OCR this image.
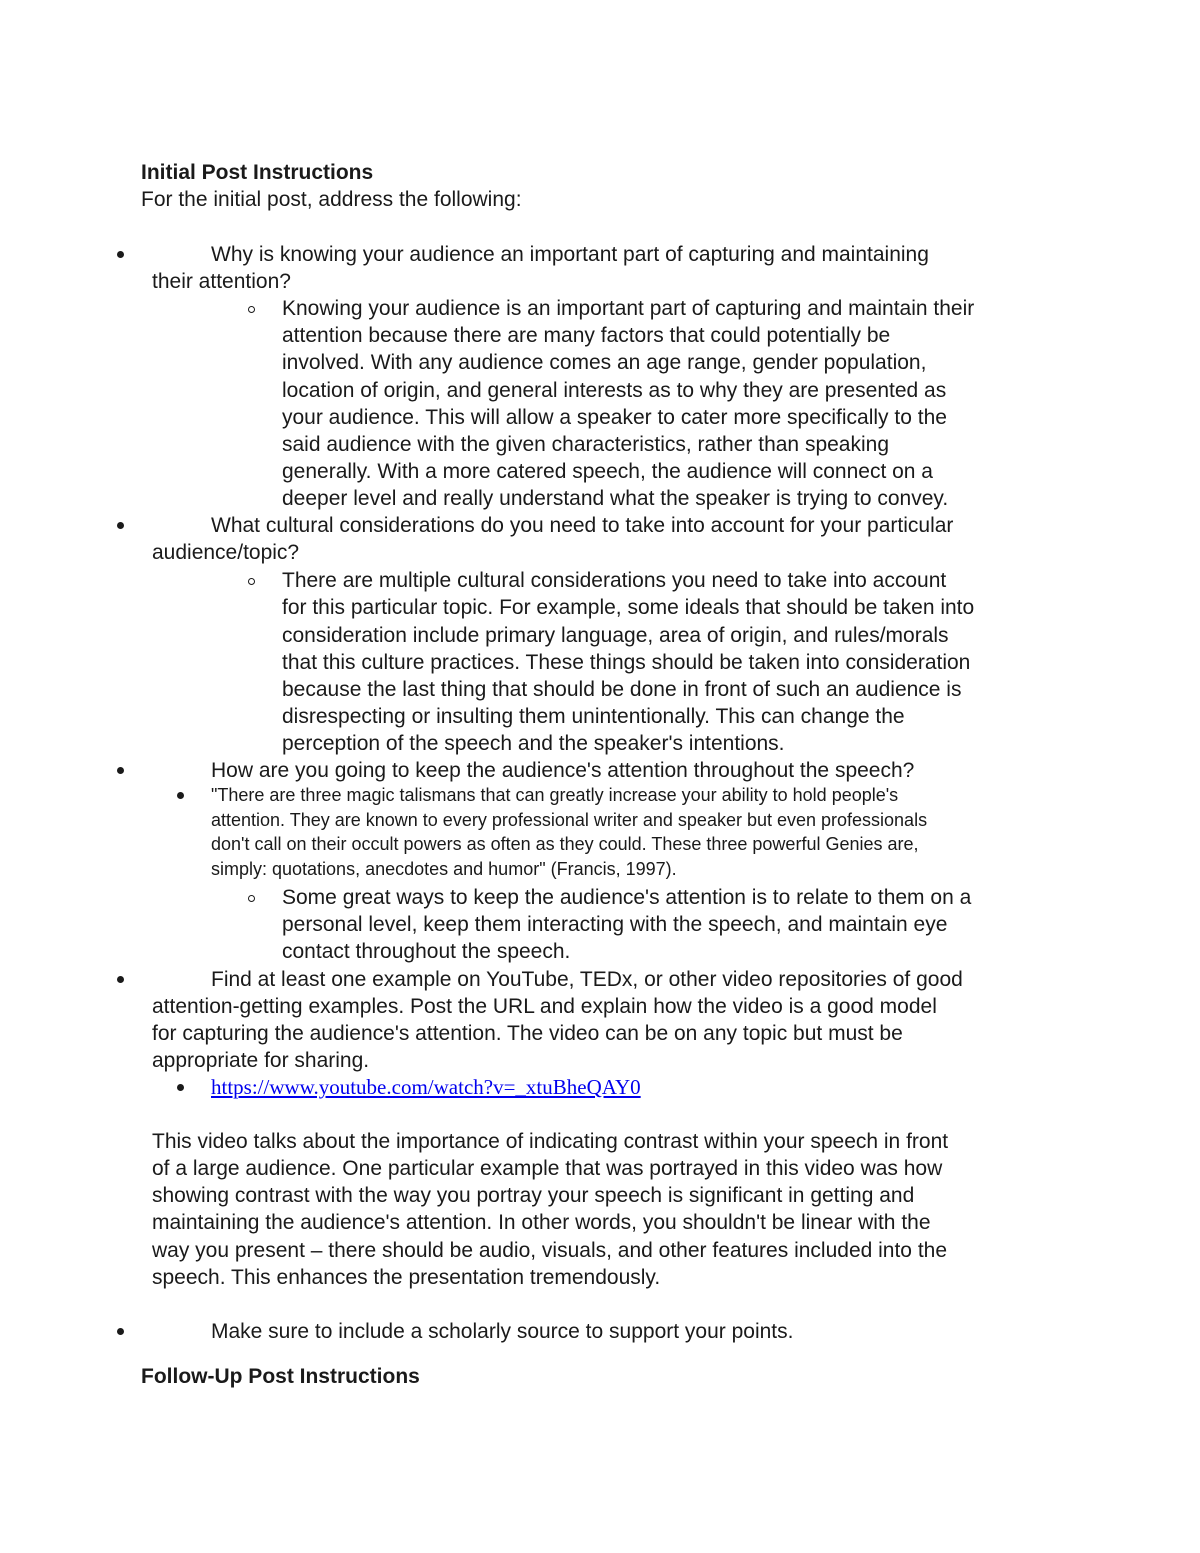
Initial Post Instructions
For the initial post, address the following:
Why is knowing your audience an important part of capturing and maintaining
their attention?
Knowing your audience is an important part of capturing and maintain their
attention because there are many factors that could potentially be
involved. With any audience comes an age range, gender population,
location of origin, and general interests as to why they are presented as
your audience. This will allow a speaker to cater more specifically to the
said audience with the given characteristics, rather than speaking
generally. With a more catered speech, the audience will connect on a
deeper level and really understand what the speaker is trying to convey.
What cultural considerations do you need to take into account for your particular
audience/topic?
There are multiple cultural considerations you need to take into account
for this particular topic. For example, some ideals that should be taken into
consideration include primary language, area of origin, and rules/morals
that this culture practices. These things should be taken into consideration
because the last thing that should be done in front of such an audience is
disrespecting or insulting them unintentionally. This can change the
perception of the speech and the speaker's intentions.
How are you going to keep the audience's attention throughout the speech?
"There are three magic talismans that can greatly increase your ability to hold people's
attention. They are known to every professional writer and speaker but even professionals
don't call on their occult powers as often as they could. These three powerful Genies are,
simply: quotations, anecdotes and humor" (Francis, 1997).
Some great ways to keep the audience's attention is to relate to them on a
personal level, keep them interacting with the speech, and maintain eye
contact throughout the speech.
Find at least one example on YouTube, TEDx, or other video repositories of good
attention-getting examples. Post the URL and explain how the video is a good model
for capturing the audience's attention. The video can be on any topic but must be
appropriate for sharing.
https://www.youtube.com/watch?v=_xtuBheQAY0
This video talks about the importance of indicating contrast within your speech in front
of a large audience. One particular example that was portrayed in this video was how
showing contrast with the way you portray your speech is significant in getting and
maintaining the audience's attention. In other words, you shouldn't be linear with the
way you present – there should be audio, visuals, and other features included into the
speech. This enhances the presentation tremendously.
Make sure to include a scholarly source to support your points.
Follow-Up Post Instructions
